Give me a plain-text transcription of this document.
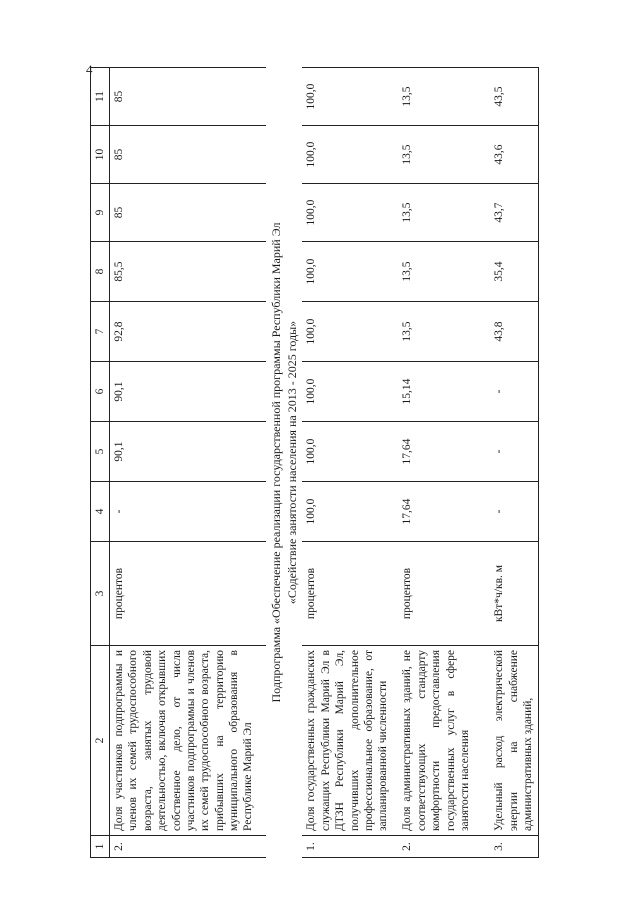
4
1	2	3	4	5	6	7	8	9	10	11
2.	Доля участников подпрограммы и членов их семей трудоспособного возраста, занятых трудовой деятельностью, включая открывших собственное дело, от числа участников подпрограммы и членов их семей трудоспособного возраста, прибывших на территорию муниципального образования в Республике Марий Эл	процентов	-	90,1	90,1	92,8	85,5	85	85	85

Подпрограмма «Обеспечение реализации государственной программы Республики Марий Эл «Содействие занятости населения на 2013 - 2025 годы»										

1.	Доля государственных гражданских служащих Республики Марий Эл в ДТЗН Республики Марий Эл, получивших дополнительное профессиональное образование, от запланированной численности	процентов	100,0	100,0	100,0	100,0	100,0	100,0	100,0	100,0
2.	Доля административных зданий, не соответствующих стандарту комфортности предоставления государственных услуг в сфере занятости населения	процентов	17,64	17,64	15,14	13,5	13,5	13,5	13,5	13,5
3.	Удельный расход электрической энергии на снабжение административных зданий,	кВт*ч/кв. м	-	-	-	43,8	35,4	43,7	43,6	43,5
